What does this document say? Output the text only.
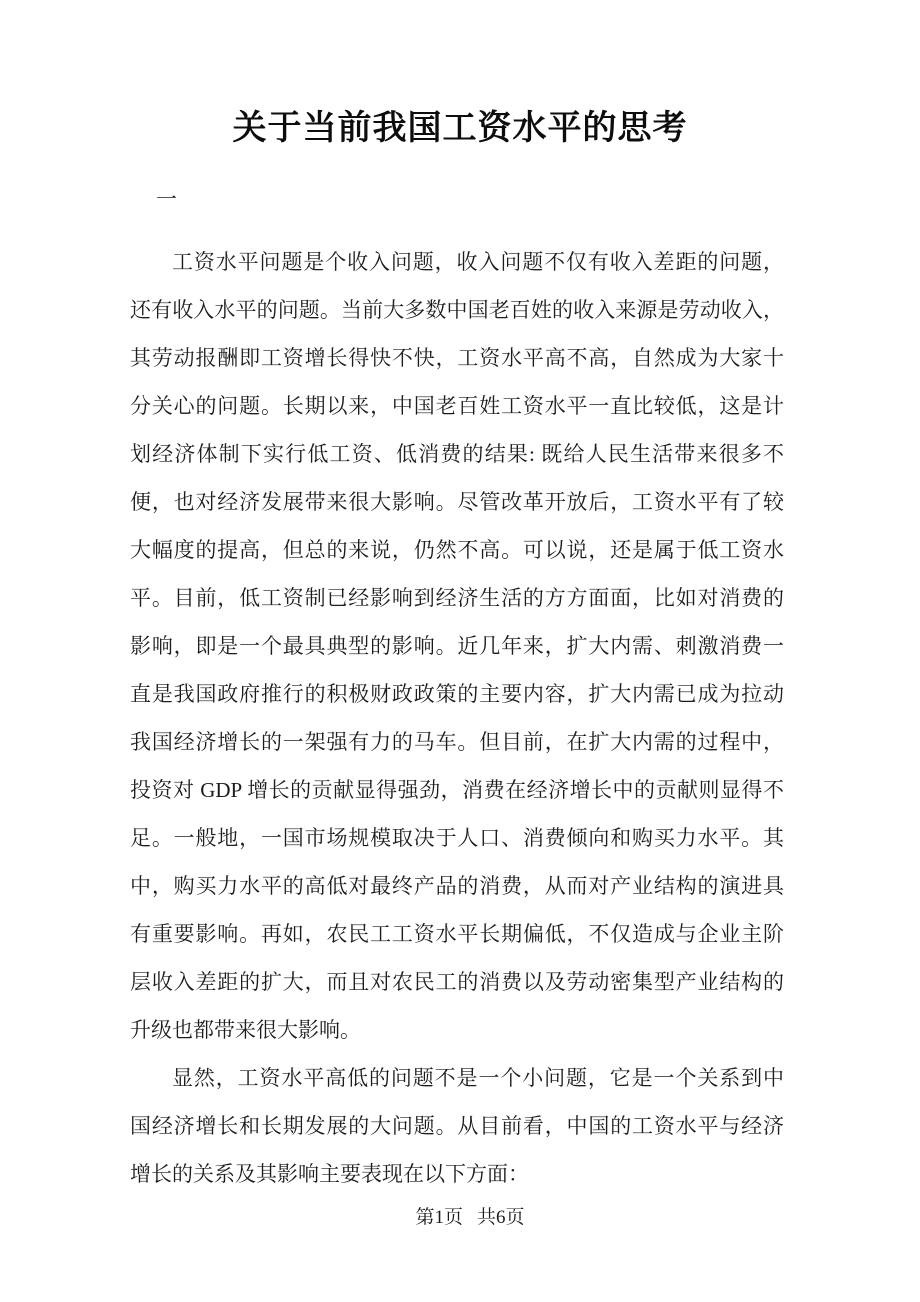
关于当前我国工资水平的思考
一
工资水平问题是个收入问题，收入问题不仅有收入差距的问题，
还有收入水平的问题。当前大多数中国老百姓的收入来源是劳动收入，
其劳动报酬即工资增长得快不快，工资水平高不高，自然成为大家十
分关心的问题。长期以来，中国老百姓工资水平一直比较低，这是计
划经济体制下实行低工资、低消费的结果: 既给人民生活带来很多不
便，也对经济发展带来很大影响。尽管改革开放后，工资水平有了较
大幅度的提高，但总的来说，仍然不高。可以说，还是属于低工资水
平。目前，低工资制已经影响到经济生活的方方面面，比如对消费的
影响，即是一个最具典型的影响。近几年来，扩大内需、刺激消费一
直是我国政府推行的积极财政政策的主要内容，扩大内需已成为拉动
我国经济增长的一架强有力的马车。但目前，在扩大内需的过程中，
投资对 GDP 增长的贡献显得强劲，消费在经济增长中的贡献则显得不
足。一般地，一国市场规模取决于人口、消费倾向和购买力水平。其
中，购买力水平的高低对最终产品的消费，从而对产业结构的演进具
有重要影响。再如，农民工工资水平长期偏低，不仅造成与企业主阶
层收入差距的扩大，而且对农民工的消费以及劳动密集型产业结构的
升级也都带来很大影响。
显然，工资水平高低的问题不是一个小问题，它是一个关系到中
国经济增长和长期发展的大问题。从目前看，中国的工资水平与经济
增长的关系及其影响主要表现在以下方面：
第1页 共6页
